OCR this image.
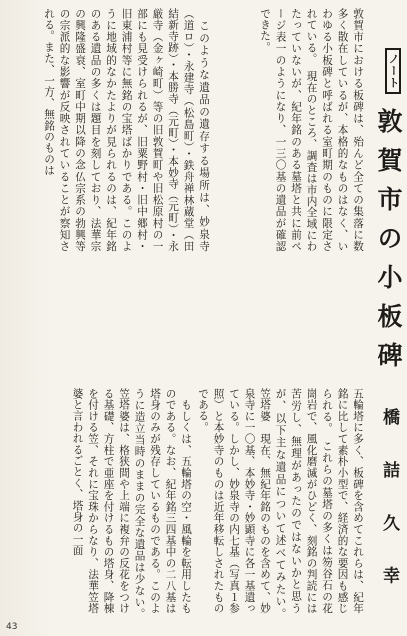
ノート
敦賀市の小板碑
橋 詰 久 幸

敦賀市における板碑は、殆んど全ての集落に数多く散在しているが、本格的なものはなく、いわゆる小板碑と呼ばれる室町期のものに限定されている。　現在のところ、調査は市内全域にわたっていないが、紀年銘のある墓塔と共に前ページ表一のようになり、一三〇基の遺品が確認できた。

　このような遺品の遺存する場所は、妙泉寺（道ロ）・永建寺（松島町）・鉄舟禅林蔵堂（田結新寺跡）・本勝寺（元町）・本妙寺（元町）・永厳寺（金ヶ崎町）等の旧敦賀町や旧松原村の一部にも見受けられるが、旧粟野村・旧中郷村・旧東浦村等に無銘の宝塔ばかりである。このように地域的なかたよりが見られるのは、紀年銘のある遺品の多くは題目を刻しており、法華宗の興隆盛衰、室町中期以降の念仏宗系の勃興等の宗派的な影響が反映されていることが察知される。また、一方、無銘のものは

五輪塔に多く、板碑を含めてこれらは、紀年銘に比して素朴小型で、経済的な要因も感じられる。　これらの墓塔の多くは笏谷石の花崗岩で、風化磨滅がひどく、刻銘の判読には苦労し、無理があったのではないかと思うが、以下主な遺品について述べてみたい。　笠塔婆　現在、無紀年銘のものを含めて、妙泉寺に一〇基、本妙寺・妙顕寺に各一基遺っている。しかし、妙泉寺の内七基（写真１参照）と本妙寺のものは近年移転しされたものである。

　もしくは、五輪塔の空・風輪を転用したものである。なお、紀年銘三四基中の二八基は塔身のみが残存しているものである。このように造立当時のままの完全な遺品は少ない。　笠塔婆は、格狭間や上端に複弁の反花をつける基礎、方柱で亜座を付けるもの塔身、降棟を付ける笠、それに宝珠からなり、法華笠塔婆と言われるごとく、塔身の一面

43
